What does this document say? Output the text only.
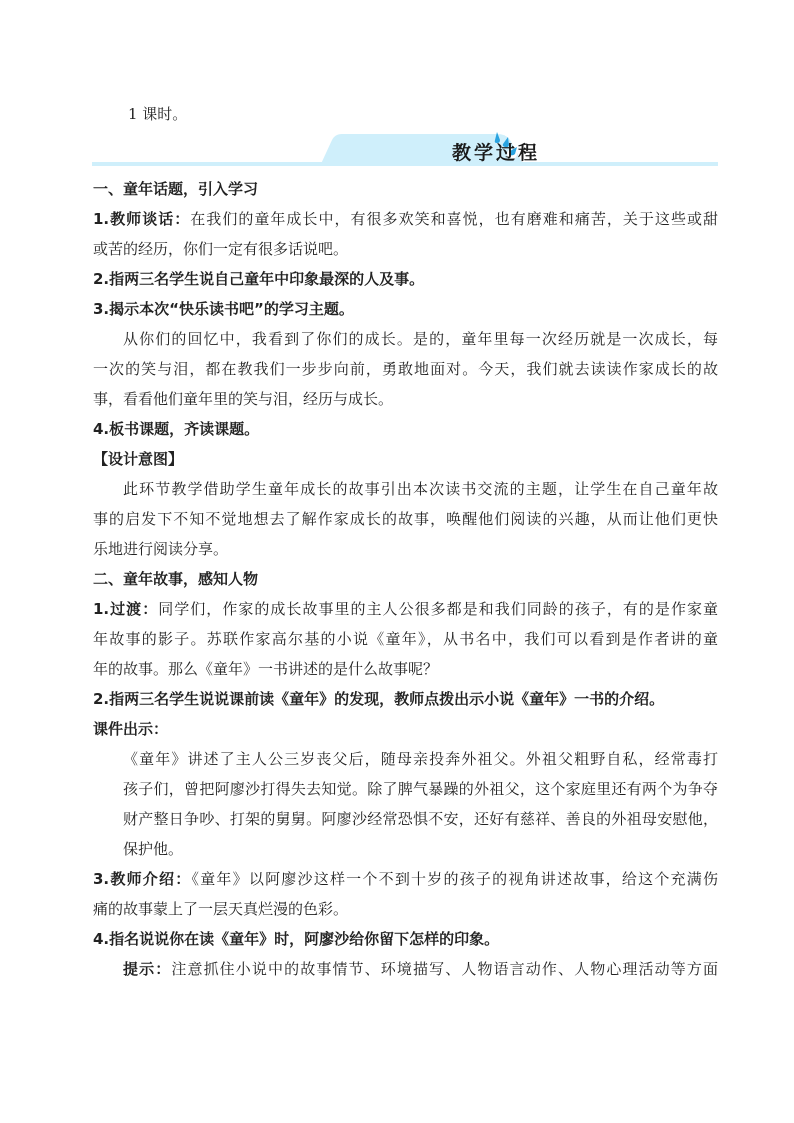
1 课时。
教学过程
一、童年话题，引入学习
1.教师谈话：在我们的童年成长中，有很多欢笑和喜悦，也有磨难和痛苦，关于这些或甜
或苦的经历，你们一定有很多话说吧。
2.指两三名学生说自己童年中印象最深的人及事。
3.揭示本次“快乐读书吧”的学习主题。
从你们的回忆中，我看到了你们的成长。是的，童年里每一次经历就是一次成长，每
一次的笑与泪，都在教我们一步步向前，勇敢地面对。今天，我们就去读读作家成长的故
事，看看他们童年里的笑与泪，经历与成长。
4.板书课题，齐读课题。
【设计意图】
此环节教学借助学生童年成长的故事引出本次读书交流的主题，让学生在自己童年故
事的启发下不知不觉地想去了解作家成长的故事，唤醒他们阅读的兴趣，从而让他们更快
乐地进行阅读分享。
二、童年故事，感知人物
1.过渡：同学们，作家的成长故事里的主人公很多都是和我们同龄的孩子，有的是作家童
年故事的影子。苏联作家高尔基的小说《童年》，从书名中，我们可以看到是作者讲的童
年的故事。那么《童年》一书讲述的是什么故事呢？
2.指两三名学生说说课前读《童年》的发现，教师点拨出示小说《童年》一书的介绍。
课件出示：
《童年》讲述了主人公三岁丧父后，随母亲投奔外祖父。外祖父粗野自私，经常毒打
孩子们，曾把阿廖沙打得失去知觉。除了脾气暴躁的外祖父，这个家庭里还有两个为争夺
财产整日争吵、打架的舅舅。阿廖沙经常恐惧不安，还好有慈祥、善良的外祖母安慰他，
保护他。
3.教师介绍：《童年》以阿廖沙这样一个不到十岁的孩子的视角讲述故事，给这个充满伤
痛的故事蒙上了一层天真烂漫的色彩。
4.指名说说你在读《童年》时，阿廖沙给你留下怎样的印象。
提示：注意抓住小说中的故事情节、环境描写、人物语言动作、人物心理活动等方面
